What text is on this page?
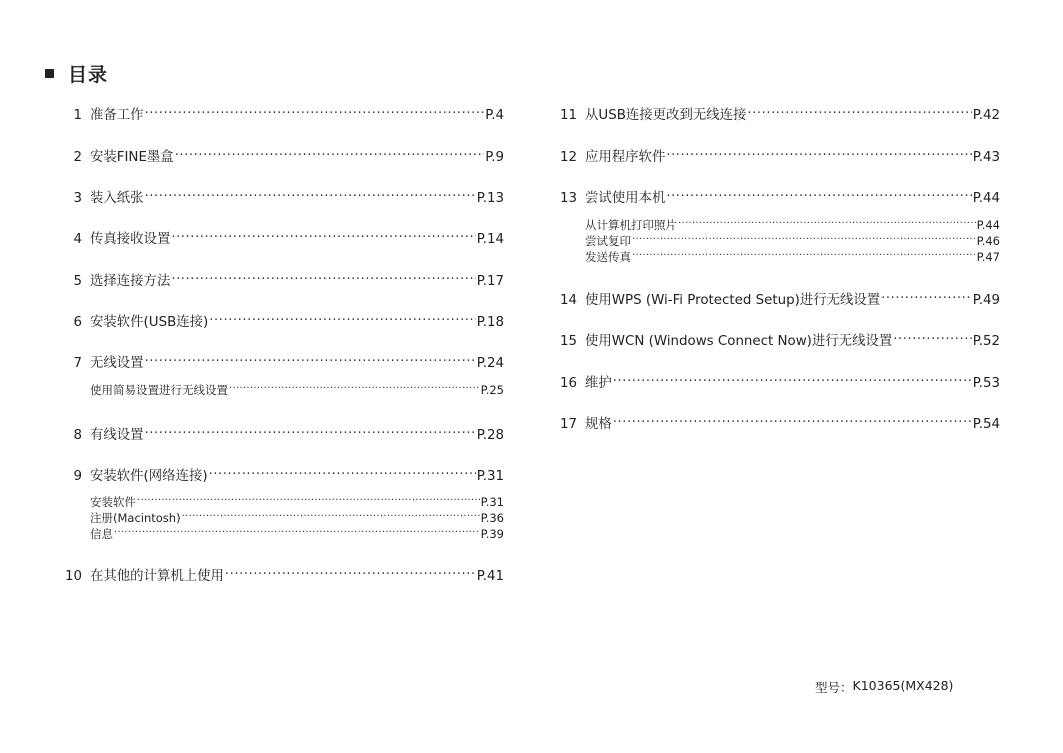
目录
1 准备工作 .....	P.4
2 安装FINE墨盒 .....	P.9
3 装入纸张 .....	P.13
4 传真接收设置 .....	P.14
5 选择连接方法 .....	P.17
6 安装软件(USB连接) .....	P.18
7 无线设置 .....	P.24
使用简易设置进行无线设置 .....	P.25
8 有线设置 .....	P.28
9 安装软件(网络连接) .....	P.31
安装软件 .....	P.31
注册(Macintosh) .....	P.36
信息 .....	P.39
10 在其他的计算机上使用 .....	P.41
11 从USB连接更改到无线连接 .....	P.42
12 应用程序软件 .....	P.43
13 尝试使用本机 .....	P.44
从计算机打印照片 .....	P.44
尝试复印 .....	P.46
发送传真 .....	P.47
14 使用WPS (Wi-Fi Protected Setup)进行无线设置 .....	P.49
15 使用WCN (Windows Connect Now)进行无线设置 .....	P.52
16 维护 .....	P.53
17 规格 .....	P.54
型号： K10365(MX428)
